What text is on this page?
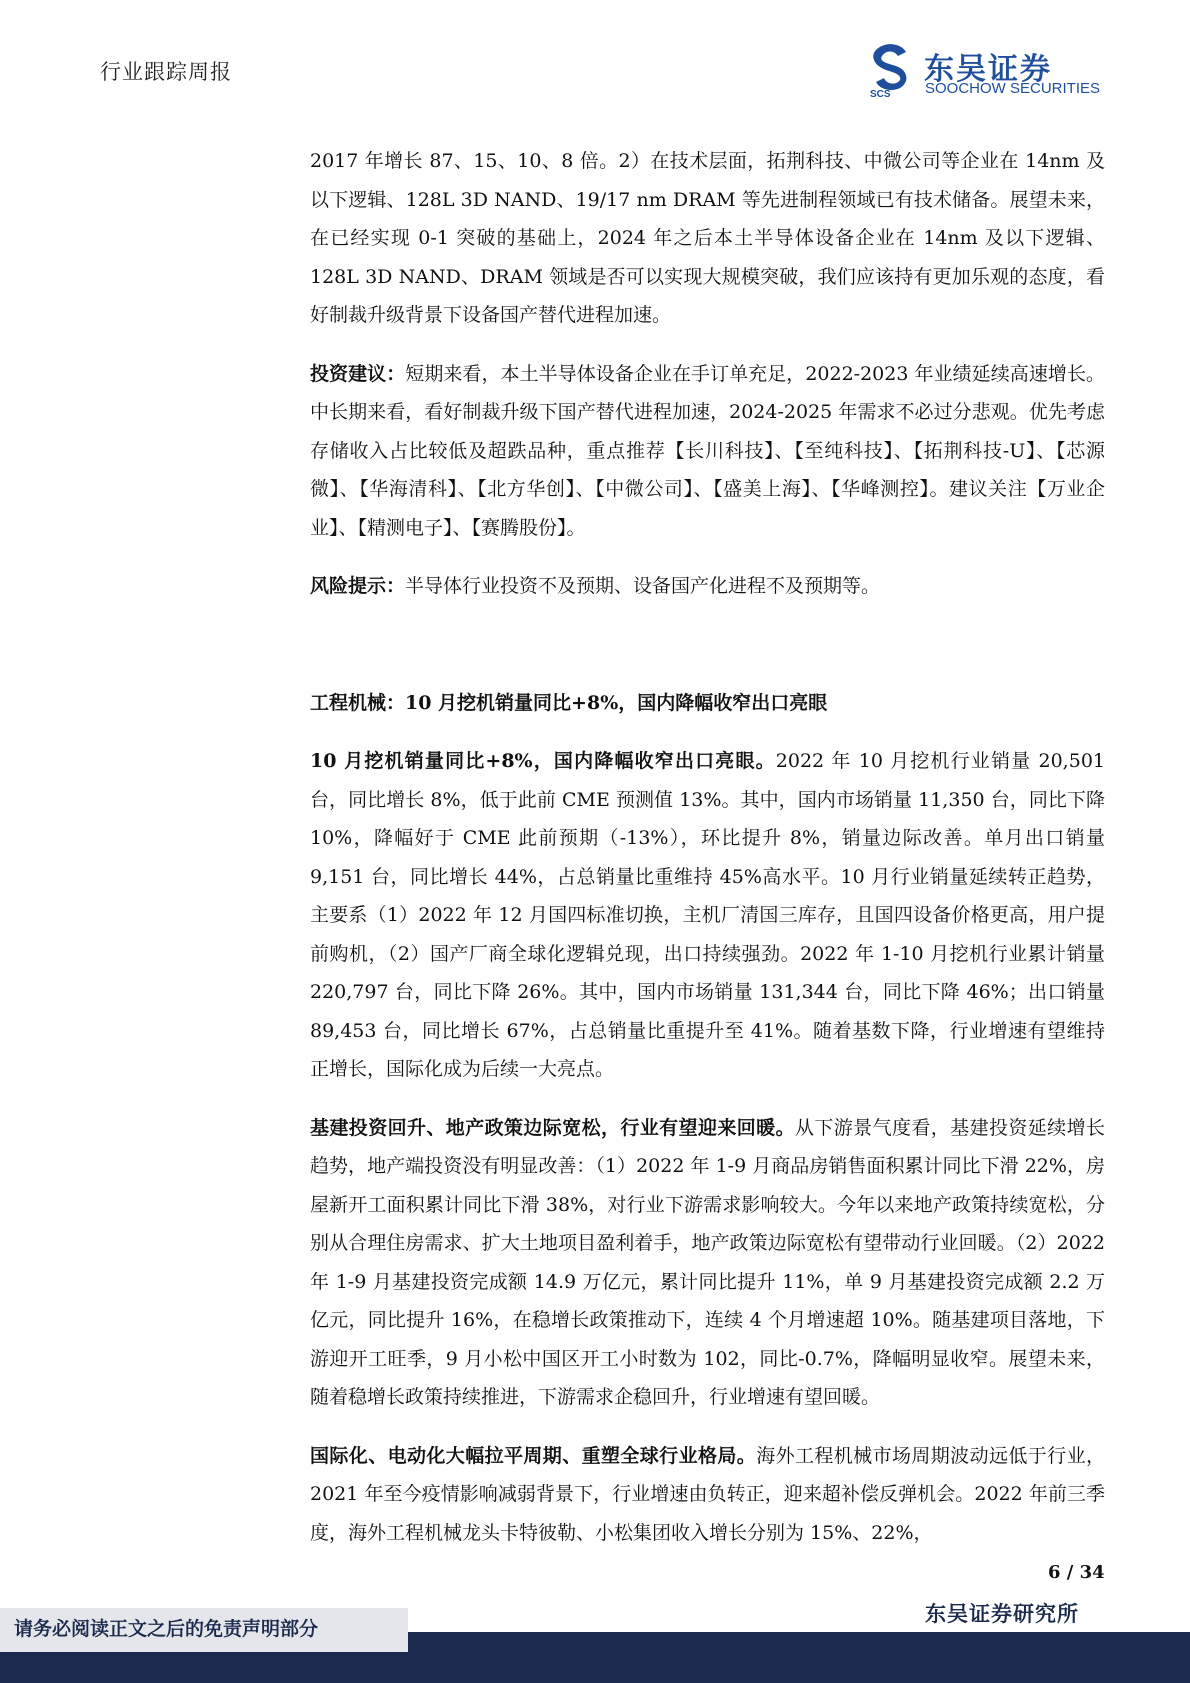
行业跟踪周报
SCS
东吴证券
SOOCHOW SECURITIES

2017 年增长 87、15、10、8 倍。2）在技术层面，拓荆科技、中微公司等企业在 14nm 及以下逻辑、128L 3D NAND、19/17 nm DRAM 等先进制程领域已有技术储备。展望未来，在已经实现 0-1 突破的基础上，2024 年之后本土半导体设备企业在 14nm 及以下逻辑、128L 3D NAND、DRAM 领域是否可以实现大规模突破，我们应该持有更加乐观的态度，看好制裁升级背景下设备国产替代进程加速。

投资建议：短期来看，本土半导体设备企业在手订单充足，2022-2023 年业绩延续高速增长。中长期来看，看好制裁升级下国产替代进程加速，2024-2025 年需求不必过分悲观。优先考虑存储收入占比较低及超跌品种，重点推荐【长川科技】、【至纯科技】、【拓荆科技-U】、【芯源微】、【华海清科】、【北方华创】、【中微公司】、【盛美上海】、【华峰测控】。建议关注【万业企业】、【精测电子】、【赛腾股份】。

风险提示：半导体行业投资不及预期、设备国产化进程不及预期等。

工程机械：10 月挖机销量同比+8%，国内降幅收窄出口亮眼

10 月挖机销量同比+8%，国内降幅收窄出口亮眼。2022 年 10 月挖机行业销量 20,501 台，同比增长 8%，低于此前 CME 预测值 13%。其中，国内市场销量 11,350 台，同比下降 10%，降幅好于 CME 此前预期（-13%），环比提升 8%，销量边际改善。单月出口销量 9,151 台，同比增长 44%，占总销量比重维持 45%高水平。10 月行业销量延续转正趋势，主要系（1）2022 年 12 月国四标准切换，主机厂清国三库存，且国四设备价格更高，用户提前购机，（2）国产厂商全球化逻辑兑现，出口持续强劲。2022 年 1-10 月挖机行业累计销量 220,797 台，同比下降 26%。其中，国内市场销量 131,344 台，同比下降 46%；出口销量 89,453 台，同比增长 67%，占总销量比重提升至 41%。随着基数下降，行业增速有望维持正增长，国际化成为后续一大亮点。

基建投资回升、地产政策边际宽松，行业有望迎来回暖。从下游景气度看，基建投资延续增长趋势，地产端投资没有明显改善：（1）2022 年 1-9 月商品房销售面积累计同比下滑 22%，房屋新开工面积累计同比下滑 38%，对行业下游需求影响较大。今年以来地产政策持续宽松，分别从合理住房需求、扩大土地项目盈利着手，地产政策边际宽松有望带动行业回暖。（2）2022 年 1-9 月基建投资完成额 14.9 万亿元，累计同比提升 11%，单 9 月基建投资完成额 2.2 万亿元，同比提升 16%，在稳增长政策推动下，连续 4 个月增速超 10%。随基建项目落地，下游迎开工旺季，9 月小松中国区开工小时数为 102，同比-0.7%，降幅明显收窄。展望未来，随着稳增长政策持续推进，下游需求企稳回升，行业增速有望回暖。

国际化、电动化大幅拉平周期、重塑全球行业格局。海外工程机械市场周期波动远低于行业，2021 年至今疫情影响减弱背景下，行业增速由负转正，迎来超补偿反弹机会。2022 年前三季度，海外工程机械龙头卡特彼勒、小松集团收入增长分别为 15%、22%，

6 / 34
请务必阅读正文之后的免责声明部分
东吴证券研究所
